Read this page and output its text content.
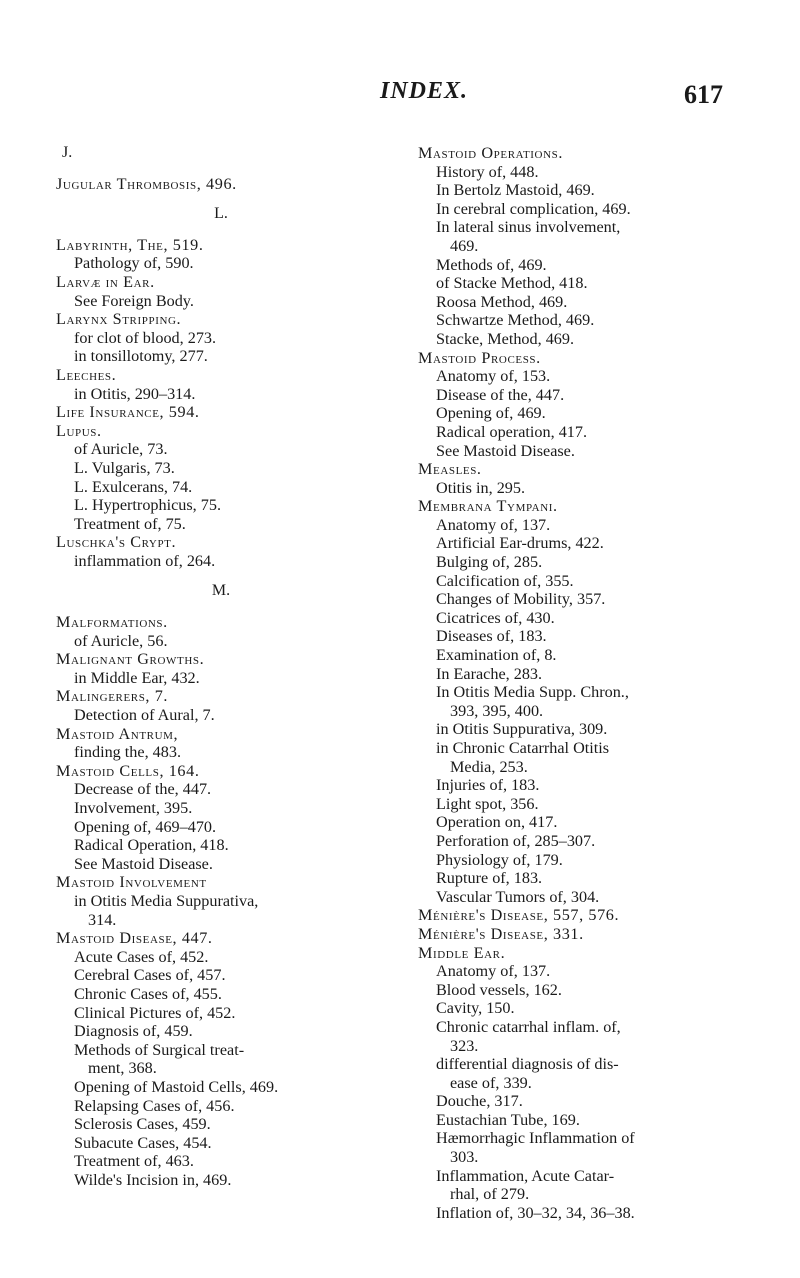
INDEX.	617
J.
Jugular Thrombosis, 496.
L.
Labyrinth, The, 519.
Pathology of, 590.
Larvæ in Ear.
See Foreign Body.
Larynx Stripping.
for clot of blood, 273.
in tonsillotomy, 277.
Leeches.
in Otitis, 290–314.
Life Insurance, 594.
Lupus.
of Auricle, 73.
L. Vulgaris, 73.
L. Exulcerans, 74.
L. Hypertrophicus, 75.
Treatment of, 75.
Luschka's Crypt.
inflammation of, 264.
M.
Malformations.
of Auricle, 56.
Malignant Growths.
in Middle Ear, 432.
Malingerers, 7.
Detection of Aural, 7.
Mastoid Antrum,
finding the, 483.
Mastoid Cells, 164.
Decrease of the, 447.
Involvement, 395.
Opening of, 469–470.
Radical Operation, 418.
See Mastoid Disease.
Mastoid Involvement
in Otitis Media Suppurativa,
314.
Mastoid Disease, 447.
Acute Cases of, 452.
Cerebral Cases of, 457.
Chronic Cases of, 455.
Clinical Pictures of, 452.
Diagnosis of, 459.
Methods of Surgical treat-
ment, 368.
Opening of Mastoid Cells, 469.
Relapsing Cases of, 456.
Sclerosis Cases, 459.
Subacute Cases, 454.
Treatment of, 463.
Wilde's Incision in, 469.
Mastoid Operations.
History of, 448.
In Bertolz Mastoid, 469.
In cerebral complication, 469.
In lateral sinus involvement,
469.
Methods of, 469.
of Stacke Method, 418.
Roosa Method, 469.
Schwartze Method, 469.
Stacke, Method, 469.
Mastoid Process.
Anatomy of, 153.
Disease of the, 447.
Opening of, 469.
Radical operation, 417.
See Mastoid Disease.
Measles.
Otitis in, 295.
Membrana Tympani.
Anatomy of, 137.
Artificial Ear-drums, 422.
Bulging of, 285.
Calcification of, 355.
Changes of Mobility, 357.
Cicatrices of, 430.
Diseases of, 183.
Examination of, 8.
In Earache, 283.
In Otitis Media Supp. Chron.,
393, 395, 400.
in Otitis Suppurativa, 309.
in Chronic Catarrhal Otitis
Media, 253.
Injuries of, 183.
Light spot, 356.
Operation on, 417.
Perforation of, 285–307.
Physiology of, 179.
Rupture of, 183.
Vascular Tumors of, 304.
Ménière's Disease, 557, 576.
Ménière's Disease, 331.
Middle Ear.
Anatomy of, 137.
Blood vessels, 162.
Cavity, 150.
Chronic catarrhal inflam. of,
323.
differential diagnosis of dis-
ease of, 339.
Douche, 317.
Eustachian Tube, 169.
Hæmorrhagic Inflammation of
303.
Inflammation, Acute Catar-
rhal, of 279.
Inflation of, 30–32, 34, 36–38.
